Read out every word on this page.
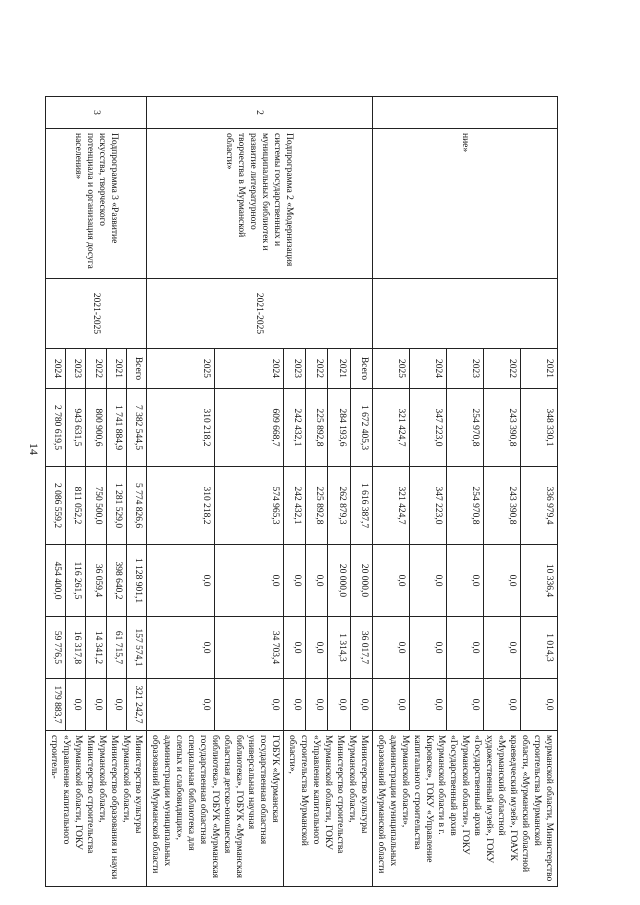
14
	ние»		2021	348 330,1	336 979,4	10 336,4	1 014,3	0,0	мурманской области, Министерство строительства Мурманской области, «Мурманский областной краеведческий музей», ГОАУК «Мурманский областной художественный музей», ГОКУ «Государственный архив Мурманской области», ГОКУ «Государственный архив Мурманской области в г. Кировске», ГОКУ «Управление капитального строительства Мурманской области», администрации муниципальных образований Мурманской области
			2022	243 390,8	243 390,8	0,0	0,0	0,0	
			2023	254 970,8	254 970,8	0,0	0,0	0,0	
			2024	347 223,0	347 223,0	0,0	0,0	0,0	
			2025	321 424,7	321 424,7	0,0	0,0	0,0	
2	Подпрограмма 2 «Модернизация системы государственных и муниципальных библиотек и развитие литературного творчества в Мурманской области»	2021-2025	Всего	1 672 405,3	1 616 387,7	20 000,0	36 017,7	0,0	Министерство культуры Мурманской области, Министерство строительства Мурманской области, ГОКУ «Управление капитального строительства Мурманской области»,
			2021	284 193,6	262 879,3	20 000,0	1 314,3	0,0	
			2022	225 892,8	225 892,8	0,0	0,0	0,0	
			2023	242 432,1	242 432,1	0,0	0,0	0,0	
			2024	609 668,7	574 965,3	0,0	34 703,4	0,0	ГОБУК «Мурманская государственная областная универсальная научная библиотека», ГОБУК «Мурманская областная детско-юношеская библиотека», ГОБУК «Мурманская государственная областная специальная библиотека для слепых и слабовидящих», администрации муниципальных образований Мурманской области
			2025	310 218,2	310 218,2	0,0	0,0	0,0	
3	Подпрограмма 3 «Развитие искусства, творческого потенциала и организация досуга населения»	2021-2025	Всего	7 382 544,5	5 774 826,6	1 128 901,1	157 574,1	321 242,7	Министерство культуры Мурманской области, Министерство образования и науки Мурманской области, Министерство строительства Мурманской области, ГОКУ «Управление капитального строитель-
			2021	1 741 884,9	1 281 529,0	398 640,2	61 715,7	0,0	
			2022	800 900,6	750 500,0	36 059,4	14 341,2	0,0	
			2023	943 631,5	811 052,2	116 261,5	16 317,8	0,0	
			2024	2 780 619,5	2 086 559,2	454 400,0	59 776,5	179 883,7	
